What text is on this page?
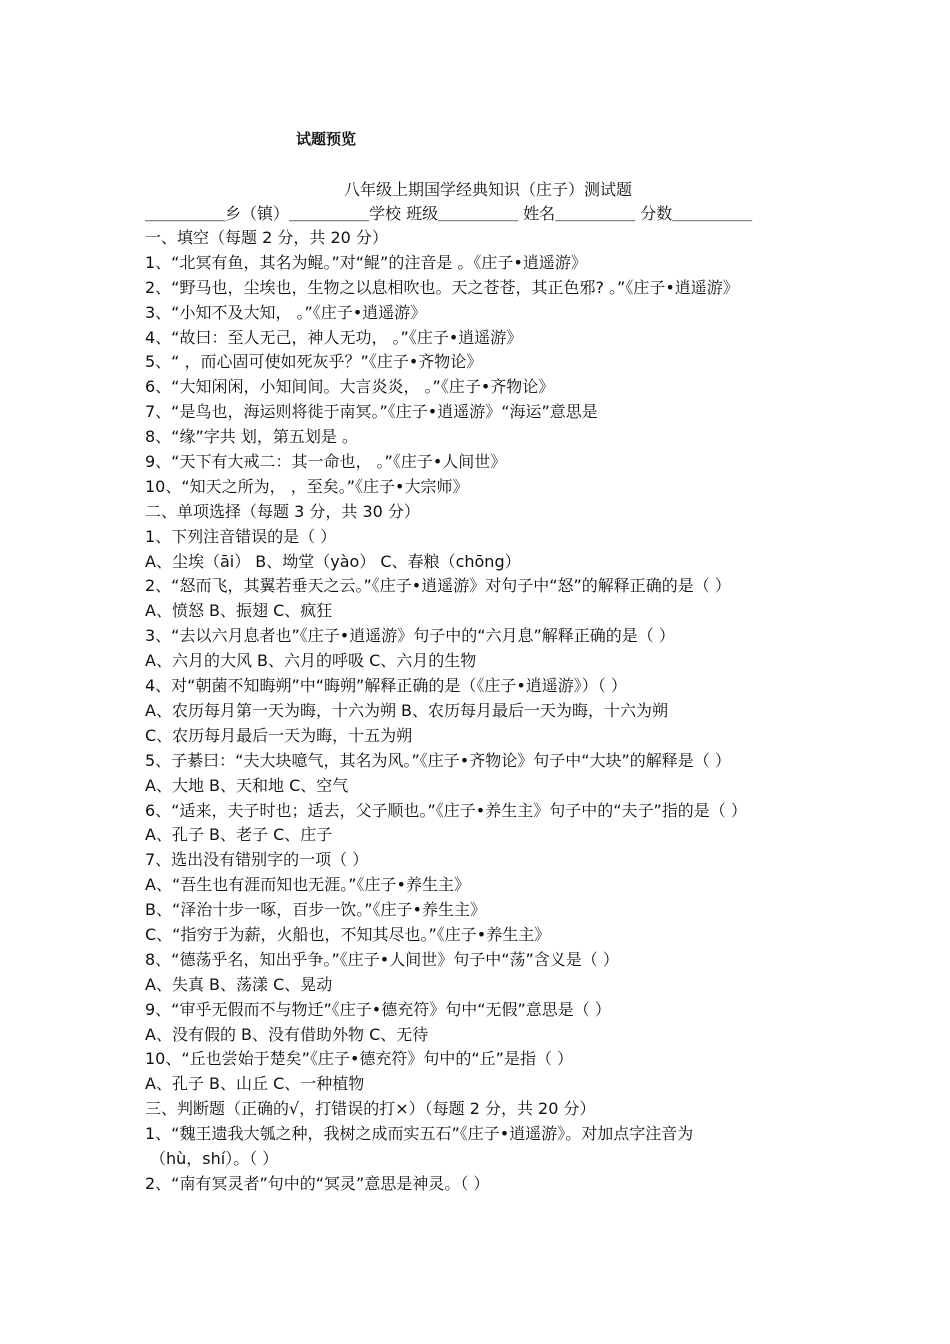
试题预览
八年级上期国学经典知识（庄子）测试题
＿＿＿＿＿乡（镇）＿＿＿＿＿学校 班级＿＿＿＿＿ 姓名＿＿＿＿＿ 分数＿＿＿＿＿
一、填空（每题 2 分，共 20 分）
1、“北冥有鱼，其名为鲲。”对“鲲”的注音是 。《庄子•逍遥游》
2、“野马也，尘埃也，生物之以息相吹也。天之苍苍，其正色邪? 。”《庄子•逍遥游》
3、“小知不及大知， 。”《庄子•逍遥游》
4、“故曰：至人无己，神人无功， 。”《庄子•逍遥游》
5、“ ，而心固可使如死灰乎？”《庄子•齐物论》
6、“大知闲闲，小知间间。大言炎炎， 。”《庄子•齐物论》
7、“是鸟也，海运则将徙于南冥。”《庄子•逍遥游》“海运”意思是
8、“缘”字共 划，第五划是 。
9、“天下有大戒二：其一命也， 。”《庄子•人间世》
10、“知天之所为， ，至矣。”《庄子•大宗师》
二、单项选择（每题 3 分，共 30 分）
1、下列注音错误的是（ ）
A、尘埃（āi） B、坳堂（yào） C、春粮（chōng）
2、“怒而飞，其翼若垂天之云。”《庄子•逍遥游》对句子中“怒”的解释正确的是（ ）
A、愤怒 B、振翅 C、疯狂
3、“去以六月息者也”《庄子•逍遥游》句子中的“六月息”解释正确的是（ ）
A、六月的大风 B、六月的呼吸 C、六月的生物
4、对“朝菌不知晦朔”中“晦朔”解释正确的是（《庄子•逍遥游》）（ ）
A、农历每月第一天为晦，十六为朔 B、农历每月最后一天为晦，十六为朔
C、农历每月最后一天为晦，十五为朔
5、子綦曰：“夫大块噫气，其名为风。”《庄子•齐物论》句子中“大块”的解释是（ ）
A、大地 B、天和地 C、空气
6、“适来，夫子时也；适去，父子顺也。”《庄子•养生主》句子中的“夫子”指的是（ ）
A、孔子 B、老子 C、庄子
7、选出没有错别字的一项（ ）
A、“吾生也有涯而知也无涯。”《庄子•养生主》
B、“泽治十步一啄，百步一饮。”《庄子•养生主》
C、“指穷于为薪，火船也，不知其尽也。”《庄子•养生主》
8、“德荡乎名，知出乎争。”《庄子•人间世》句子中“荡”含义是（ ）
A、失真 B、荡漾 C、晃动
9、“审乎无假而不与物迁”《庄子•德充符》句中“无假”意思是（ ）
A、没有假的 B、没有借助外物 C、无待
10、“丘也尝始于楚矣”《庄子•德充符》句中的“丘”是指（ ）
A、孔子 B、山丘 C、一种植物
三、判断题（正确的√，打错误的打×）（每题 2 分，共 20 分）
1、“魏王遗我大瓠之种，我树之成而实五石”《庄子•逍遥游》。对加点字注音为
（hù，shí）。（ ）
2、“南有冥灵者”句中的“冥灵”意思是神灵。（ ）
